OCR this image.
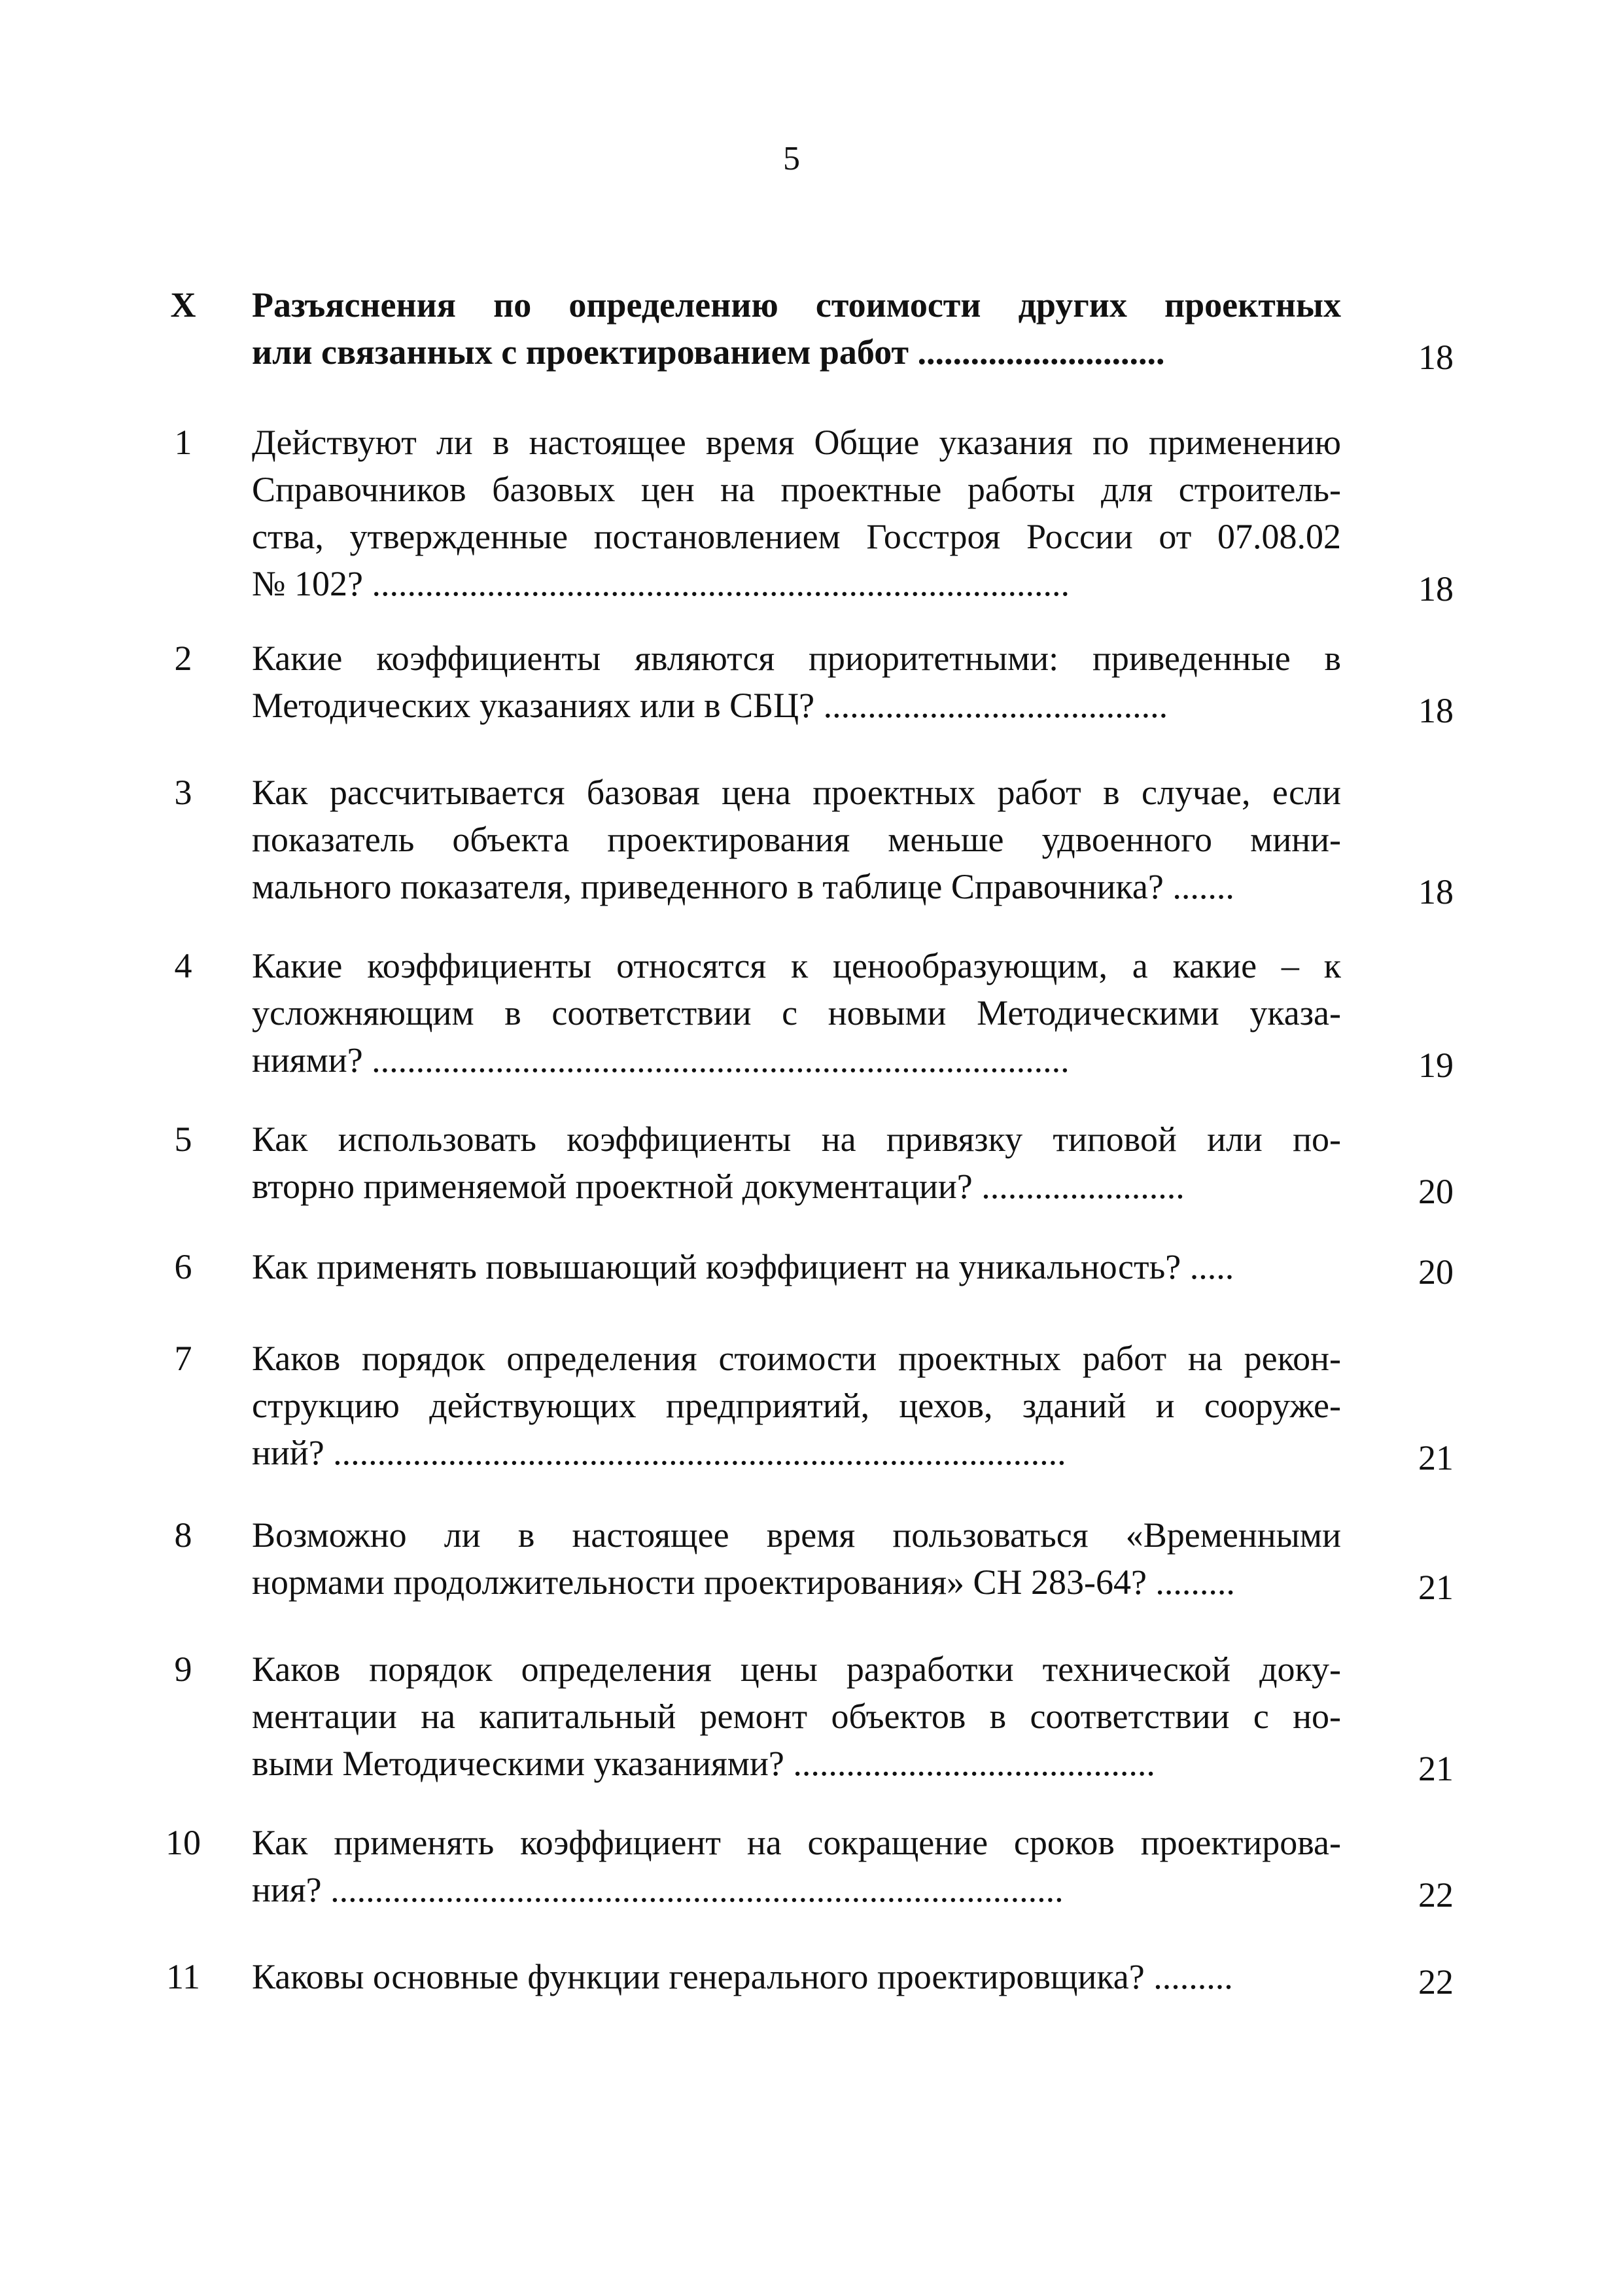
5
X	Разъяснения по определению стоимости других проектных
или связанных с проектированием работ ............................	18
1	Действуют ли в настоящее время Общие указания по применению
Справочников базовых цен на проектные работы для строитель-
ства, утвержденные постановлением Госстроя России от 07.08.02
№ 102? ...............................................................................	18
2	Какие коэффициенты являются приоритетными: приведенные в
Методических указаниях или в СБЦ? .......................................	18
3	Как рассчитывается базовая цена проектных работ в случае, если
показатель объекта проектирования меньше удвоенного мини-
мального показателя, приведенного в таблице Справочника? .......	18
4	Какие коэффициенты относятся к ценообразующим, а какие – к
усложняющим в соответствии с новыми Методическими указа-
ниями? ...............................................................................	19
5	Как использовать коэффициенты на привязку типовой или по-
вторно применяемой проектной документации? .......................	20
6	Как применять повышающий коэффициент на уникальность? .....	20
7	Каков порядок определения стоимости проектных работ на рекон-
струкцию действующих предприятий, цехов, зданий и сооруже-
ний? ...................................................................................	21
8	Возможно ли в настоящее время пользоваться «Временными
нормами продолжительности проектирования» СН 283-64? .........	21
9	Каков порядок определения цены разработки технической доку-
ментации на капитальный ремонт объектов в соответствии с но-
выми Методическими указаниями? .........................................	21
10 Как применять коэффициент на сокращение сроков проектирова-
ния? ...................................................................................	22
11 Каковы основные функции генерального проектировщика? .........	22
